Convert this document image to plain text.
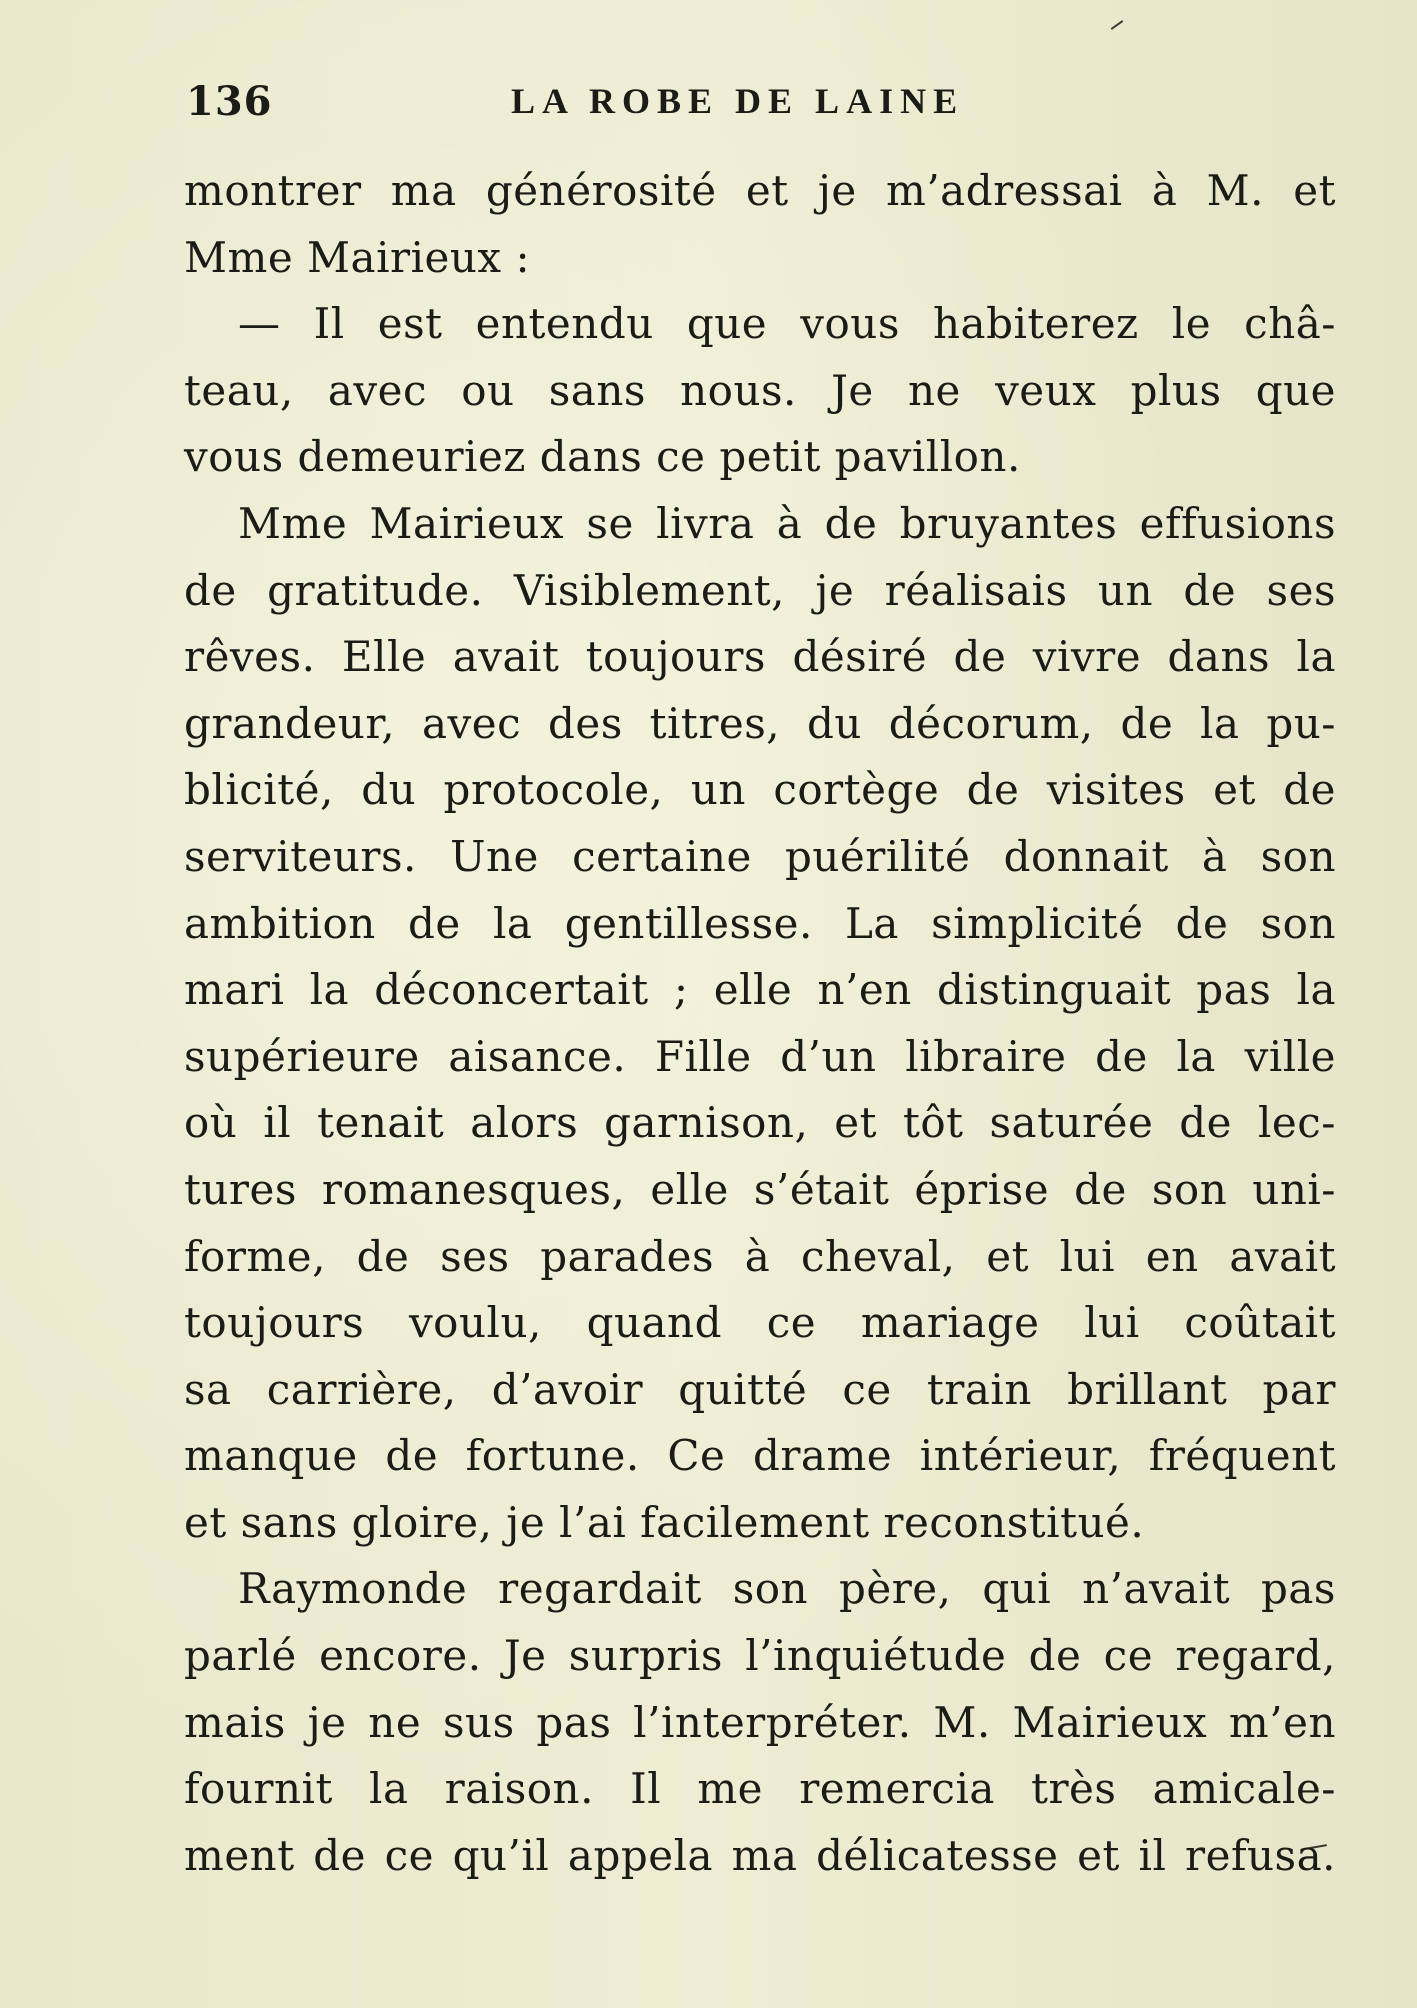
136	LA ROBE DE LAINE
montrer ma générosité et je m’adressai à M. et
Mme Mairieux :
— Il est entendu que vous habiterez le châ-
teau, avec ou sans nous. Je ne veux plus que
vous demeuriez dans ce petit pavillon.
Mme Mairieux se livra à de bruyantes effusions
de gratitude. Visiblement, je réalisais un de ses
rêves. Elle avait toujours désiré de vivre dans la
grandeur, avec des titres, du décorum, de la pu-
blicité, du protocole, un cortège de visites et de
serviteurs. Une certaine puérilité donnait à son
ambition de la gentillesse. La simplicité de son
mari la déconcertait ; elle n’en distinguait pas la
supérieure aisance. Fille d’un libraire de la ville
où il tenait alors garnison, et tôt saturée de lec-
tures romanesques, elle s’était éprise de son uni-
forme, de ses parades à cheval, et lui en avait
toujours voulu, quand ce mariage lui coûtait
sa carrière, d’avoir quitté ce train brillant par
manque de fortune. Ce drame intérieur, fréquent
et sans gloire, je l’ai facilement reconstitué.
Raymonde regardait son père, qui n’avait pas
parlé encore. Je surpris l’inquiétude de ce regard,
mais je ne sus pas l’interpréter. M. Mairieux m’en
fournit la raison. Il me remercia très amicale-
ment de ce qu’il appela ma délicatesse et il refusa.
